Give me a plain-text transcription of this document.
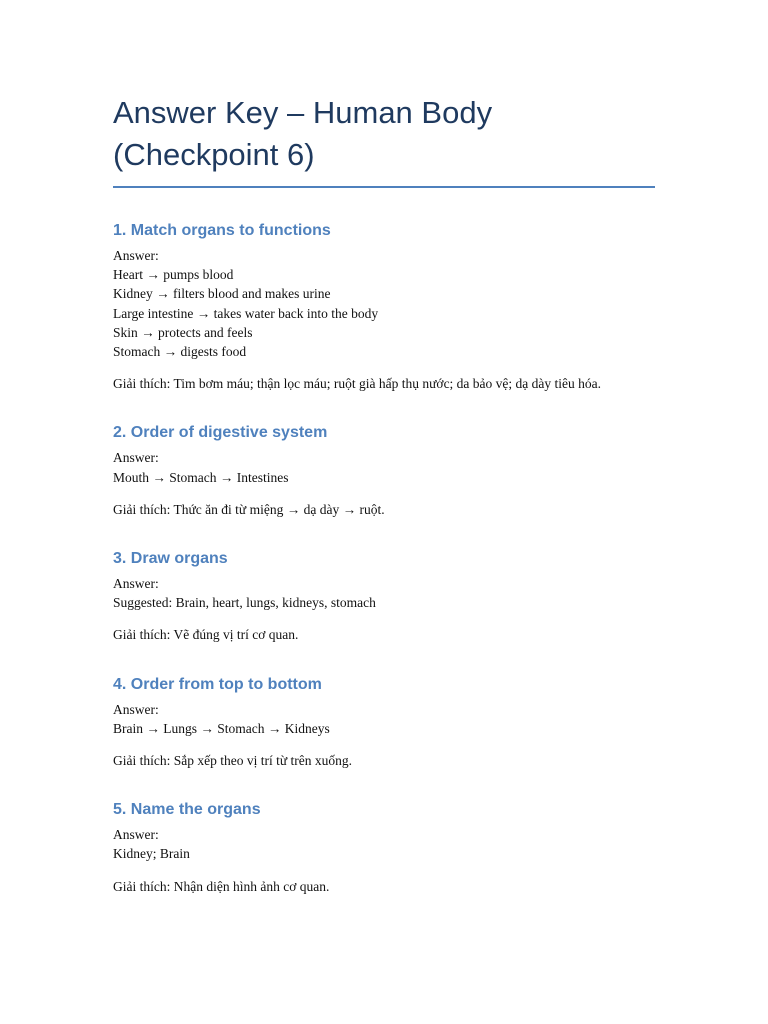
Answer Key – Human Body (Checkpoint 6)
1. Match organs to functions

Answer:

Heart → pumps blood

Kidney → filters blood and makes urine

Large intestine → takes water back into the body

Skin → protects and feels

Stomach → digests food

Giải thích: Tim bơm máu; thận lọc máu; ruột già hấp thụ nước; da bảo vệ; dạ dày tiêu hóa.

2. Order of digestive system

Answer:

Mouth → Stomach → Intestines

Giải thích: Thức ăn đi từ miệng → dạ dày → ruột.

3. Draw organs

Answer:

Suggested: Brain, heart, lungs, kidneys, stomach

Giải thích: Vẽ đúng vị trí cơ quan.

4. Order from top to bottom

Answer:

Brain → Lungs → Stomach → Kidneys

Giải thích: Sắp xếp theo vị trí từ trên xuống.

5. Name the organs

Answer:

Kidney; Brain

Giải thích: Nhận diện hình ảnh cơ quan.
